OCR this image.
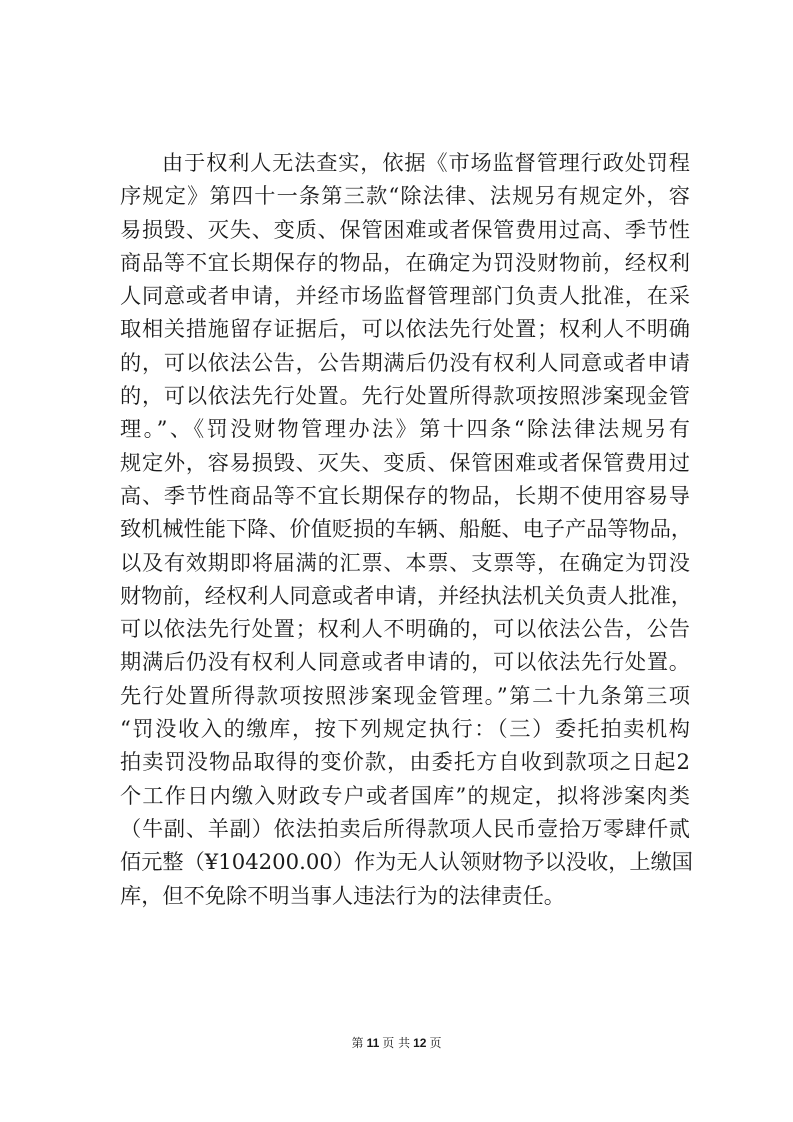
由于权利人无法查实，依据《市场监督管理行政处罚程
序规定》第四十一条第三款“除法律、法规另有规定外，容
易损毁、灭失、变质、保管困难或者保管费用过高、季节性
商品等不宜长期保存的物品，在确定为罚没财物前，经权利
人同意或者申请，并经市场监督管理部门负责人批准，在采
取相关措施留存证据后，可以依法先行处置；权利人不明确
的，可以依法公告，公告期满后仍没有权利人同意或者申请
的，可以依法先行处置。先行处置所得款项按照涉案现金管
理。”、《罚没财物管理办法》第十四条“除法律法规另有
规定外，容易损毁、灭失、变质、保管困难或者保管费用过
高、季节性商品等不宜长期保存的物品，长期不使用容易导
致机械性能下降、价值贬损的车辆、船艇、电子产品等物品，
以及有效期即将届满的汇票、本票、支票等，在确定为罚没
财物前，经权利人同意或者申请，并经执法机关负责人批准，
可以依法先行处置；权利人不明确的，可以依法公告，公告
期满后仍没有权利人同意或者申请的，可以依法先行处置。
先行处置所得款项按照涉案现金管理。”第二十九条第三项
“罚没收入的缴库，按下列规定执行：（三）委托拍卖机构
拍卖罚没物品取得的变价款，由委托方自收到款项之日起2
个工作日内缴入财政专户或者国库”的规定，拟将涉案肉类
（牛副、羊副）依法拍卖后所得款项人民币壹拾万零肆仟贰
佰元整（¥104200.00）作为无人认领财物予以没收，上缴国
库，但不免除不明当事人违法行为的法律责任。
第 11 页 共 12 页
